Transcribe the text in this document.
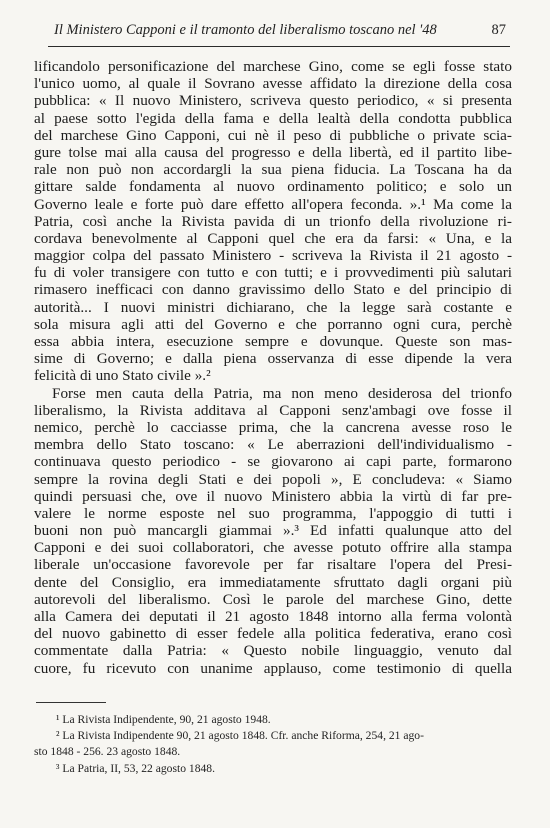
Il Ministero Capponi e il tramonto del liberalismo toscano nel '48	87
lificandolo personificazione del marchese Gino, come se egli fosse stato
l'unico uomo, al quale il Sovrano avesse affidato la direzione della cosa
pubblica: « Il nuovo Ministero, scriveva questo periodico, « si presenta
al paese sotto l'egida della fama e della lealtà della condotta pubblica
del marchese Gino Capponi, cui nè il peso di pubbliche o private scia-
gure tolse mai alla causa del progresso e della libertà, ed il partito libe-
rale non può non accordargli la sua piena fiducia. La Toscana ha da
gittare salde fondamenta al nuovo ordinamento politico; e solo un
Governo leale e forte può dare effetto all'opera feconda. ».¹ Ma come la
Patria, così anche la Rivista pavida di un trionfo della rivoluzione ri-
cordava benevolmente al Capponi quel che era da farsi: « Una, e la
maggior colpa del passato Ministero - scriveva la Rivista il 21 agosto -
fu di voler transigere con tutto e con tutti; e i provvedimenti più salutari
rimasero inefficaci con danno gravissimo dello Stato e del principio di
autorità... I nuovi ministri dichiarano, che la legge sarà costante e
sola misura agli atti del Governo e che porranno ogni cura, perchè
essa abbia intera, esecuzione sempre e dovunque. Queste son mas-
sime di Governo; e dalla piena osservanza di esse dipende la vera
felicità di uno Stato civile ».²
Forse men cauta della Patria, ma non meno desiderosa del trionfo
liberalismo, la Rivista additava al Capponi senz'ambagi ove fosse il
nemico, perchè lo cacciasse prima, che la cancrena avesse roso le
membra dello Stato toscano: « Le aberrazioni dell'individualismo -
continuava questo periodico - se giovarono ai capi parte, formarono
sempre la rovina degli Stati e dei popoli », E concludeva: « Siamo
quindi persuasi che, ove il nuovo Ministero abbia la virtù di far pre-
valere le norme esposte nel suo programma, l'appoggio di tutti i
buoni non può mancargli giammai ».³ Ed infatti qualunque atto del
Capponi e dei suoi collaboratori, che avesse potuto offrire alla stampa
liberale un'occasione favorevole per far risaltare l'opera del Presi-
dente del Consiglio, era immediatamente sfruttato dagli organi più
autorevoli del liberalismo. Così le parole del marchese Gino, dette
alla Camera dei deputati il 21 agosto 1848 intorno alla ferma volontà
del nuovo gabinetto di esser fedele alla politica federativa, erano così
commentate dalla Patria: « Questo nobile linguaggio, venuto dal
cuore, fu ricevuto con unanime applauso, come testimonio di quella
¹ La Rivista Indipendente, 90, 21 agosto 1948.
² La Rivista Indipendente 90, 21 agosto 1848. Cfr. anche Riforma, 254, 21 ago-
sto 1848 - 256. 23 agosto 1848.
³ La Patria, II, 53, 22 agosto 1848.
